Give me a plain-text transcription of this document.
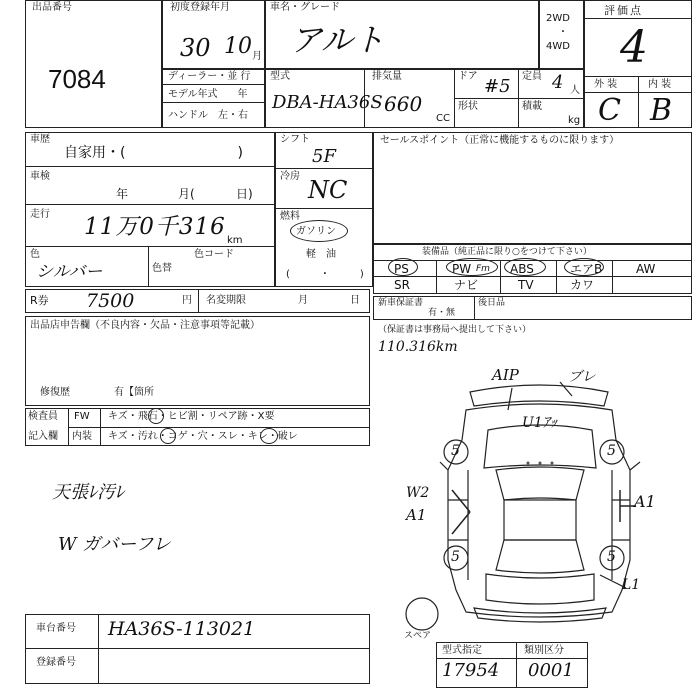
出品番号
7084
初度登録年月
30 10 月
車名・グレード
アルト
2WD
・
4WD
ディーラー・並 行
モデル年式　　年
ハンドル　左・右
型式
DBA-HA36S
排気量
660
CC
ドア #5 定員 4 人
形状	積載
kg
評価点
4
外 装	内 装
C B
車歴
自家用・(　　　　　　　　)
車検
年	月(	日)
走行 11万0千316
km
色
シルバー	色替
色コード
シフト
5F
冷房 NC
燃料
ガソリン
軽　油
(　　　・　　　)
セールスポイント（正常に機能するものに限ります）
装備品（純正品に限り○をつけて下さい）
PS	PW Fm ABS	エアB	AW
SR	ナビ	TV	カワ
新車保証書
有・無
後日品
（保証書は事務局へ提出して下さい）
110.316km
R券 7500	円 名変期限	月	日
出品店申告欄（不良内容・欠品・注意事項等記載）
修復歴	有【箇所
検査員
記入欄
FW キズ・飛石・ヒビ割・リペア跡・X要
内装 キズ・汚れ・コゲ・穴・スレ・キレ・破レ
天張ﾚ汚ﾚ
W ガバーフレ
AIP	ブレ
U1ｱｯ
W2
A1
A1
L1
5	5
5	5
スペア
車台番号 HA36S-113021
登録番号
型式指定
17954
類別区分
0001
